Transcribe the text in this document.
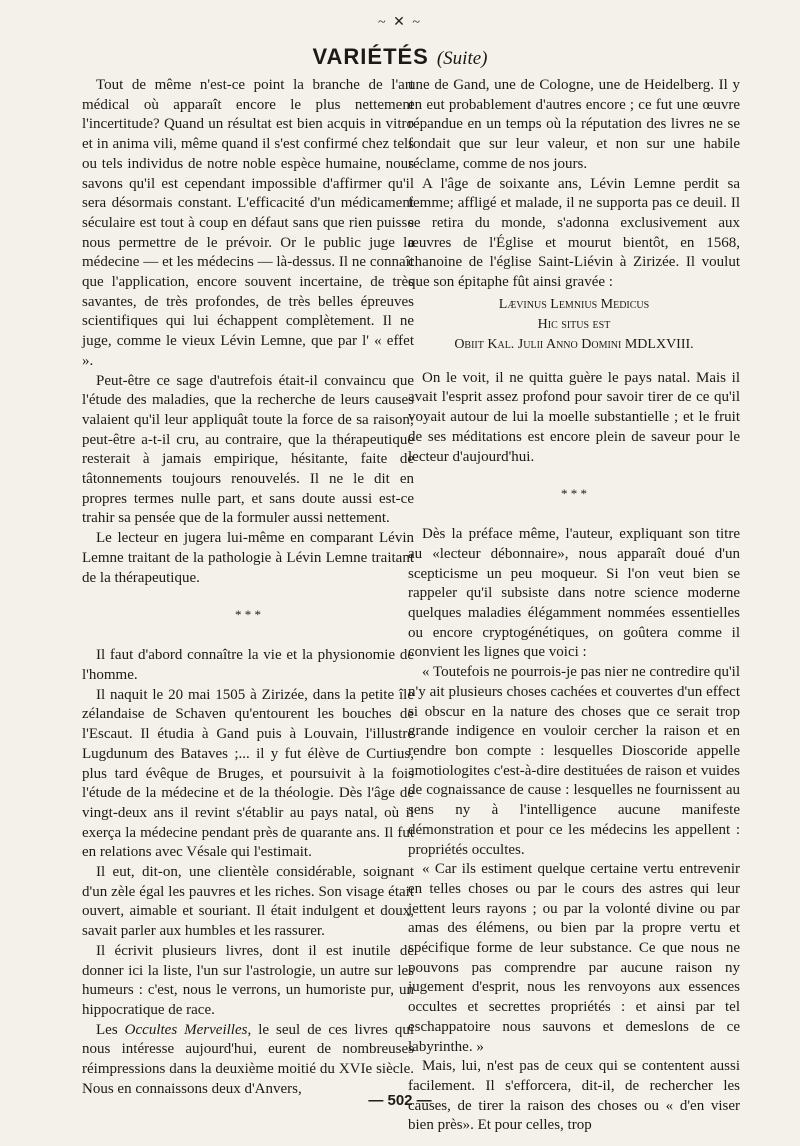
~ ✕ ~
VARIÉTÉS (Suite)

Tout de même n'est-ce point la branche de l'art médical où apparaît encore le plus nettement l'incertitude? Quand un résultat est bien acquis in vitro et in anima vili, même quand il s'est confirmé chez tels ou tels individus de notre noble espèce humaine, nous savons qu'il est cependant impossible d'affirmer qu'il sera désormais constant. L'efficacité d'un médicament séculaire est tout à coup en défaut sans que rien puisse nous permettre de le prévoir. Or le public juge la médecine — et les médecins — là-dessus. Il ne connaît que l'application, encore souvent incertaine, de très savantes, de très profondes, de très belles épreuves scientifiques qui lui échappent complètement. Il ne juge, comme le vieux Lévin Lemne, que par l' « effet ».

Peut-être ce sage d'autrefois était-il convaincu que l'étude des maladies, que la recherche de leurs causes valaient qu'il leur appliquât toute la force de sa raison; peut-être a-t-il cru, au contraire, que la thérapeutique resterait à jamais empirique, hésitante, faite de tâtonnements toujours renouvelés. Il ne le dit en propres termes nulle part, et sans doute aussi est-ce trahir sa pensée que de la formuler aussi nettement.

Le lecteur en jugera lui-même en comparant Lévin Lemne traitant de la pathologie à Lévin Lemne traitant de la thérapeutique.

* * *

Il faut d'abord connaître la vie et la physionomie de l'homme.

Il naquit le 20 mai 1505 à Zirizée, dans la petite île zélandaise de Schaven qu'entourent les bouches de l'Escaut. Il étudia à Gand puis à Louvain, l'illustre Lugdunum des Bataves ;... il y fut élève de Curtius, plus tard évêque de Bruges, et poursuivit à la fois l'étude de la médecine et de la théologie. Dès l'âge de vingt-deux ans il revint s'établir au pays natal, où il exerça la médecine pendant près de quarante ans. Il fut en relations avec Vésale qui l'estimait.

Il eut, dit-on, une clientèle considérable, soignant d'un zèle égal les pauvres et les riches. Son visage était ouvert, aimable et souriant. Il était indulgent et doux, savait parler aux humbles et les rassurer.

Il écrivit plusieurs livres, dont il est inutile de donner ici la liste, l'un sur l'astrologie, un autre sur les humeurs : c'est, nous le verrons, un humoriste pur, un hippocratique de race.

Les Occultes Merveilles, le seul de ces livres qui nous intéresse aujourd'hui, eurent de nombreuses réimpressions dans la deuxième moitié du XVIe siècle. Nous en connaissons deux d'Anvers,

une de Gand, une de Cologne, une de Heidelberg. Il y en eut probablement d'autres encore ; ce fut une œuvre répandue en un temps où la réputation des livres ne se fondait que sur leur valeur, et non sur une habile réclame, comme de nos jours.

A l'âge de soixante ans, Lévin Lemne perdit sa femme; affligé et malade, il ne supporta pas ce deuil. Il se retira du monde, s'adonna exclusivement aux œuvres de l'Église et mourut bientôt, en 1568, chanoine de l'église Saint-Liévin à Zirizée. Il voulut que son épitaphe fût ainsi gravée :

Lævinus Lemnius Medicus
Hic situs est
Obiit Kal. Julii Anno Domini MDLXVIII.

On le voit, il ne quitta guère le pays natal. Mais il avait l'esprit assez profond pour savoir tirer de ce qu'il voyait autour de lui la moelle substantielle ; et le fruit de ses méditations est encore plein de saveur pour le lecteur d'aujourd'hui.

* * *

Dès la préface même, l'auteur, expliquant son titre au «lecteur débonnaire», nous apparaît doué d'un scepticisme un peu moqueur. Si l'on veut bien se rappeler qu'il subsiste dans notre science moderne quelques maladies élégamment nommées essentielles ou encore cryptogénétiques, on goûtera comme il convient les lignes que voici :

« Toutefois ne pourrois-je pas nier ne contredire qu'il n'y ait plusieurs choses cachées et couvertes d'un effect si obscur en la nature des choses que ce serait trop grande indigence en vouloir cercher la raison et en rendre bon compte : lesquelles Dioscoride appelle amotiologites c'est-à-dire destituées de raison et vuides de cognaissance de cause : lesquelles ne fournissent au sens ny à l'intelligence aucune manifeste démonstration et pour ce les médecins les appellent : propriétés occultes.

« Car ils estiment quelque certaine vertu entrevenir en telles choses ou par le cours des astres qui leur jettent leurs rayons ; ou par la volonté divine ou par amas des élémens, ou bien par la propre vertu et spécifique forme de leur substance. Ce que nous ne pouvons pas comprendre par aucune raison ny jugement d'esprit, nous les renvoyons aux essences occultes et secrettes propriétés : et ainsi par tel eschappatoire nous sauvons et demeslons de ce labyrinthe. »

Mais, lui, n'est pas de ceux qui se contentent aussi facilement. Il s'efforcera, dit-il, de rechercher les causes, de tirer la raison des choses ou « d'en viser bien près». Et pour celles, trop

— 502 —
